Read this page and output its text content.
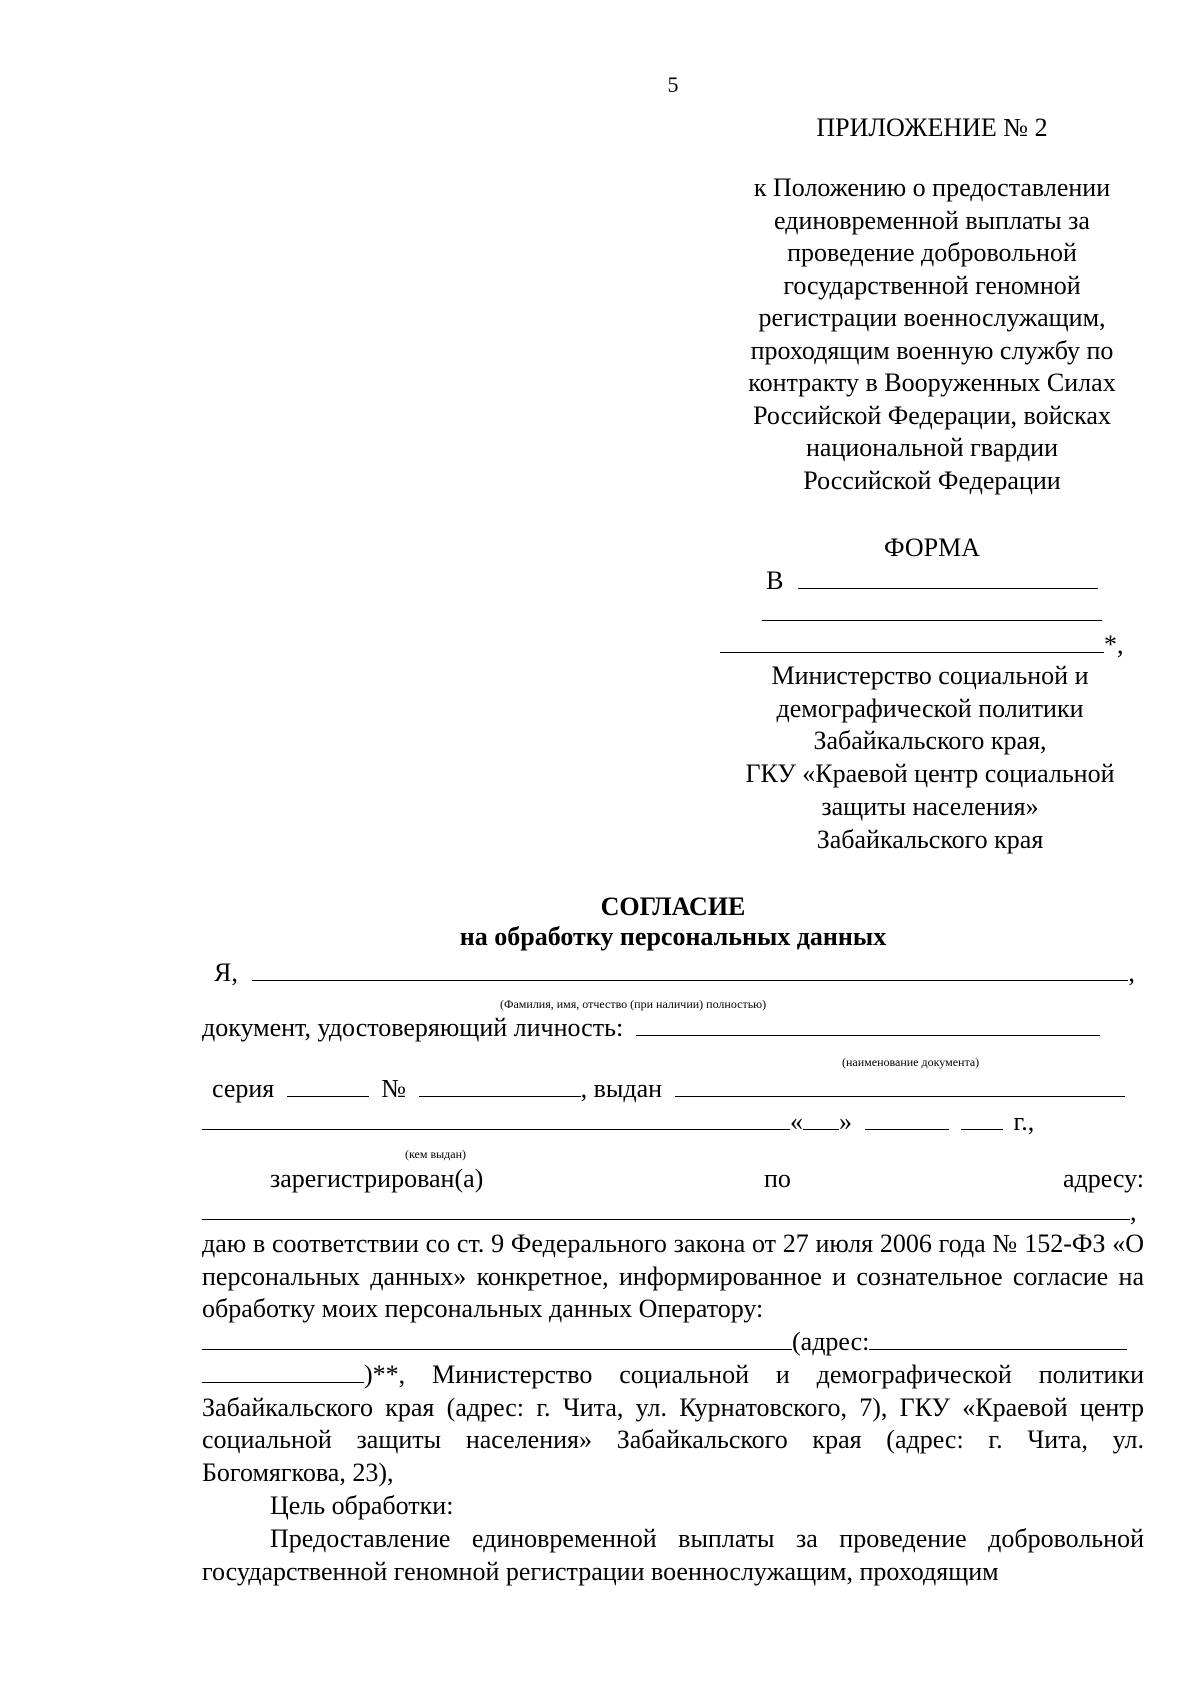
5
ПРИЛОЖЕНИЕ № 2
к Положению о предоставлении
единовременной выплаты за
проведение добровольной
государственной геномной
регистрации военнослужащим,
проходящим военную службу по
контракту в Вооруженных Силах
Российской Федерации, войсках
национальной гвардии
Российской Федерации
ФОРМА
В
*,
Министерство социальной и
демографической политики
Забайкальского края,
ГКУ «Краевой центр социальной
защиты населения»
Забайкальского края
СОГЛАСИЕ
на обработку персональных данных
Я,	,
(Фамилия, имя, отчество (при наличии) полностью)
документ, удостоверяющий личность:
(наименование документа)
серия	№	, выдан
« »	г.,
(кем выдан)
зарегистрирован(а)	по	адресу:
,
даю в соответствии со ст. 9 Федерального закона от 27 июля 2006 года № 152-ФЗ «О персональных данных» конкретное, информированное и сознательное согласие на обработку моих персональных данных Оператору:
(адрес:
)**, Министерство социальной и демографической политики Забайкальского края (адрес: г. Чита, ул. Курнатовского, 7), ГКУ «Краевой центр социальной защиты населения» Забайкальского края (адрес: г. Чита, ул. Богомягкова, 23),
Цель обработки:
Предоставление единовременной выплаты за проведение добровольной государственной геномной регистрации военнослужащим, проходящим
